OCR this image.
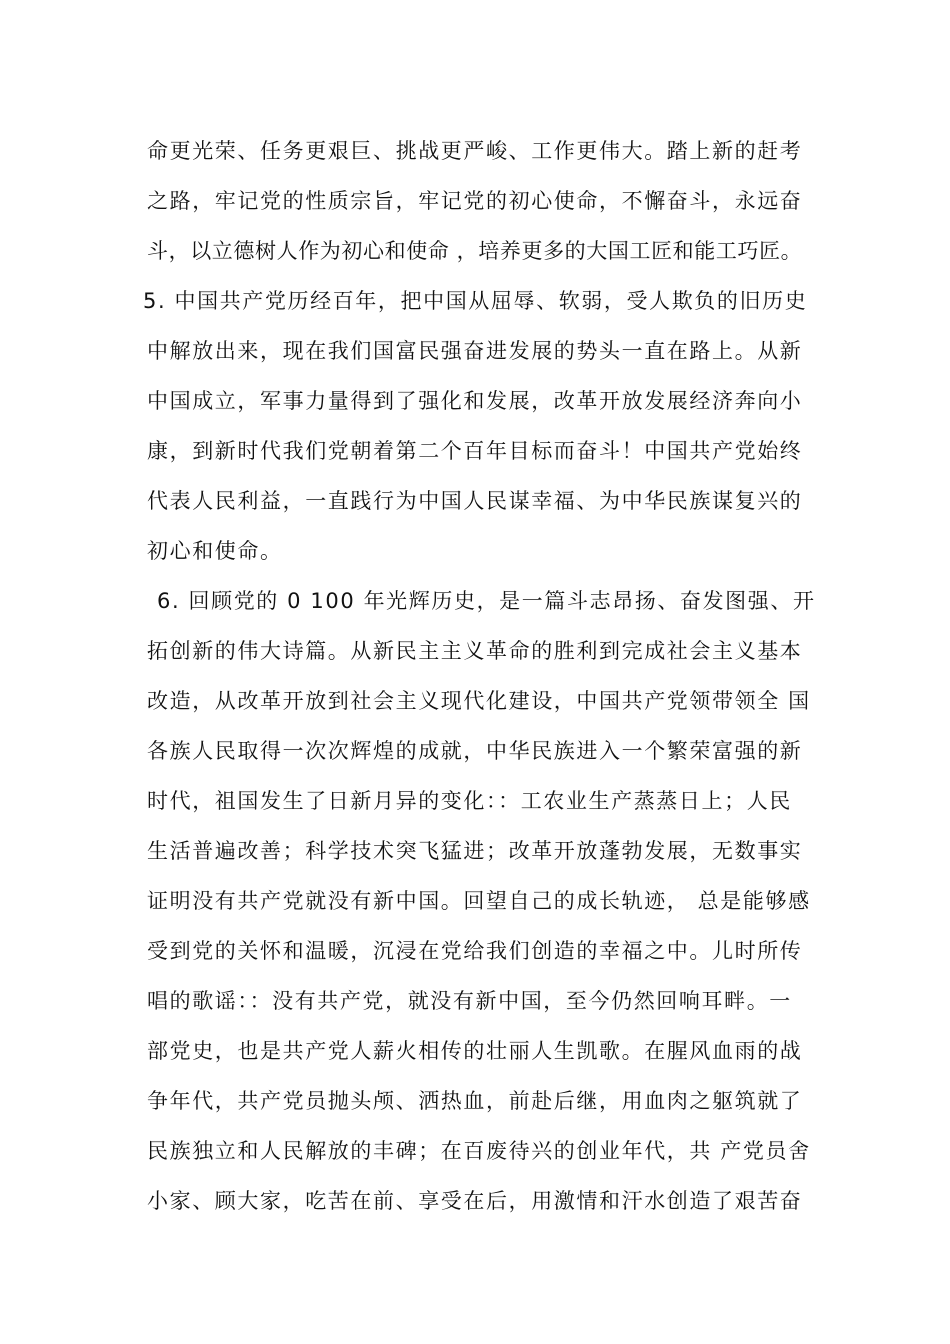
命更光荣、任务更艰巨、挑战更严峻、工作更伟大。踏上新的赶考
之路，牢记党的性质宗旨，牢记党的初心使命，不懈奋斗，永远奋
斗，以立德树人作为初心和使命 ，培养更多的大国工匠和能工巧匠。
5. 中国共产党历经百年，把中国从屈辱、软弱，受人欺负的旧历史
中解放出来，现在我们国富民强奋进发展的势头一直在路上。从新
中国成立，军事力量得到了强化和发展，改革开放发展经济奔向小
康，到新时代我们党朝着第二个百年目标而奋斗！中国共产党始终
代表人民利益，一直践行为中国人民谋幸福、为中华民族谋复兴的
初心和使命。
6. 回顾党的 0 100 年光辉历史，是一篇斗志昂扬、奋发图强、开
拓创新的伟大诗篇。从新民主主义革命的胜利到完成社会主义基本
改造，从改革开放到社会主义现代化建设，中国共产党领带领全 国
各族人民取得一次次辉煌的成就，中华民族进入一个繁荣富强的新
时代，祖国发生了日新月异的变化：：工农业生产蒸蒸日上；人民
生活普遍改善；科学技术突飞猛进；改革开放蓬勃发展，无数事实
证明没有共产党就没有新中国。回望自己的成长轨迹， 总是能够感
受到党的关怀和温暖，沉浸在党给我们创造的幸福之中。儿时所传
唱的歌谣：：没有共产党，就没有新中国，至今仍然回响耳畔。一
部党史，也是共产党人薪火相传的壮丽人生凯歌。在腥风血雨的战
争年代，共产党员抛头颅、洒热血，前赴后继，用血肉之躯筑就了
民族独立和人民解放的丰碑；在百废待兴的创业年代，共 产党员舍
小家、顾大家，吃苦在前、享受在后，用激情和汗水创造了艰苦奋
